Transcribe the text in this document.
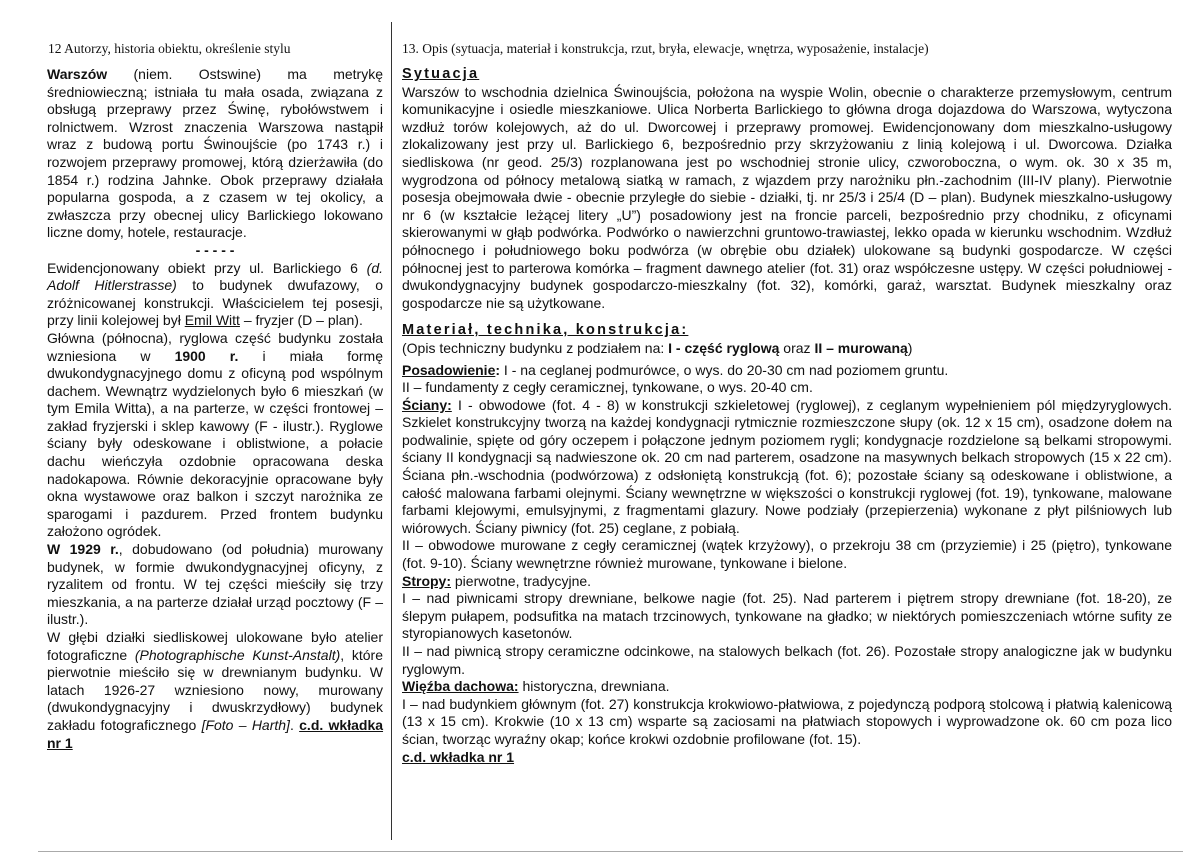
12 Autorzy, historia obiektu, określenie stylu	13. Opis (sytuacja, materiał i konstrukcja, rzut, bryła, elewacje, wnętrza, wyposażenie, instalacje)

Warszów (niem. Ostswine) ma metrykę średniowieczną; istniała tu mała osada, związana z obsługą przeprawy przez Świnę, rybołówstwem i rolnictwem. Wzrost znaczenia Warszowa nastąpił wraz z budową portu Świnoujście (po 1743 r.) i rozwojem przeprawy promowej, którą dzierżawiła (do 1854 r.) rodzina Jahnke. Obok przeprawy działała popularna gospoda, a z czasem w tej okolicy, a zwłaszcza przy obecnej ulicy Barlickiego lokowano liczne domy, hotele, restauracje.

- - - - -

Ewidencjonowany obiekt przy ul. Barlickiego 6 (d. Adolf Hitlerstrasse) to budynek dwufazowy, o zróżnicowanej konstrukcji. Właścicielem tej posesji, przy linii kolejowej był Emil Witt – fryzjer (D – plan).

Główna (północna), ryglowa część budynku została wzniesiona w 1900 r. i miała formę dwukondygnacyjnego domu z oficyną pod wspólnym dachem. Wewnątrz wydzielonych było 6 mieszkań (w tym Emila Witta), a na parterze, w części frontowej – zakład fryzjerski i sklep kawowy (F - ilustr.). Ryglowe ściany były odeskowane i oblistwione, a połacie dachu wieńczyła ozdobnie opracowana deska nadokapowa. Równie dekoracyjnie opracowane były okna wystawowe oraz balkon i szczyt narożnika ze sparogami i pazdurem. Przed frontem budynku założono ogródek.

W 1929 r., dobudowano (od południa) murowany budynek, w formie dwukondygnacyjnej oficyny, z ryzalitem od frontu. W tej części mieściły się trzy mieszkania, a na parterze działał urząd pocztowy (F – ilustr.).

W głębi działki siedliskowej ulokowane było atelier fotograficzne (Photographische Kunst-Anstalt), które pierwotnie mieściło się w drewnianym budynku. W latach 1926-27 wzniesiono nowy, murowany (dwukondygnacyjny i dwuskrzydłowy) budynek zakładu fotograficznego [Foto – Harth]. c.d. wkładka nr 1

Sytuacja

Warszów to wschodnia dzielnica Świnoujścia, położona na wyspie Wolin, obecnie o charakterze przemysłowym, centrum komunikacyjne i osiedle mieszkaniowe. Ulica Norberta Barlickiego to główna droga dojazdowa do Warszowa, wytyczona wzdłuż torów kolejowych, aż do ul. Dworcowej i przeprawy promowej. Ewidencjonowany dom mieszkalno-usługowy zlokalizowany jest przy ul. Barlickiego 6, bezpośrednio przy skrzyżowaniu z linią kolejową i ul. Dworcowa. Działka siedliskowa (nr geod. 25/3) rozplanowana jest po wschodniej stronie ulicy, czworoboczna, o wym. ok. 30 x 35 m, wygrodzona od północy metalową siatką w ramach, z wjazdem przy narożniku płn.-zachodnim (III-IV plany). Pierwotnie posesja obejmowała dwie - obecnie przyległe do siebie - działki, tj. nr 25/3 i 25/4 (D – plan). Budynek mieszkalno-usługowy nr 6 (w kształcie leżącej litery „U”) posadowiony jest na froncie parceli, bezpośrednio przy chodniku, z oficynami skierowanymi w głąb podwórka. Podwórko o nawierzchni gruntowo-trawiastej, lekko opada w kierunku wschodnim. Wzdłuż północnego i południowego boku podwórza (w obrębie obu działek) ulokowane są budynki gospodarcze. W części północnej jest to parterowa komórka – fragment dawnego atelier (fot. 31) oraz współczesne ustępy. W części południowej - dwukondygnacyjny budynek gospodarczo-mieszkalny (fot. 32), komórki, garaż, warsztat. Budynek mieszkalny oraz gospodarcze nie są użytkowane.

Materiał, technika, konstrukcja:

(Opis techniczny budynku z podziałem na: I - część ryglową oraz II – murowaną)

Posadowienie: I - na ceglanej podmurówce, o wys. do 20-30 cm nad poziomem gruntu.

II – fundamenty z cegły ceramicznej, tynkowane, o wys. 20-40 cm.

Ściany: I - obwodowe (fot. 4 - 8) w konstrukcji szkieletowej (ryglowej), z ceglanym wypełnieniem pól międzyryglowych. Szkielet konstrukcyjny tworzą na każdej kondygnacji rytmicznie rozmieszczone słupy (ok. 12 x 15 cm), osadzone dołem na podwalinie, spięte od góry oczepem i połączone jednym poziomem rygli; kondygnacje rozdzielone są belkami stropowymi. ściany II kondygnacji są nadwieszone ok. 20 cm nad parterem, osadzone na masywnych belkach stropowych (15 x 22 cm). Ściana płn.-wschodnia (podwórzowa) z odsłoniętą konstrukcją (fot. 6); pozostałe ściany są odeskowane i oblistwione, a całość malowana farbami olejnymi. Ściany wewnętrzne w większości o konstrukcji ryglowej (fot. 19), tynkowane, malowane farbami klejowymi, emulsyjnymi, z fragmentami glazury. Nowe podziały (przepierzenia) wykonane z płyt pilśniowych lub wiórowych. Ściany piwnicy (fot. 25) ceglane, z pobiałą.

II – obwodowe murowane z cegły ceramicznej (wątek krzyżowy), o przekroju 38 cm (przyziemie) i 25 (piętro), tynkowane (fot. 9-10). Ściany wewnętrzne również murowane, tynkowane i bielone.

Stropy: pierwotne, tradycyjne.

I – nad piwnicami stropy drewniane, belkowe nagie (fot. 25). Nad parterem i piętrem stropy drewniane (fot. 18-20), ze ślepym pułapem, podsufitka na matach trzcinowych, tynkowane na gładko; w niektórych pomieszczeniach wtórne sufity ze styropianowych kasetonów.

II – nad piwnicą stropy ceramiczne odcinkowe, na stalowych belkach (fot. 26). Pozostałe stropy analogiczne jak w budynku ryglowym.

Więźba dachowa: historyczna, drewniana.

I – nad budynkiem głównym (fot. 27) konstrukcja krokwiowo-płatwiowa, z pojedynczą podporą stolcową i płatwią kalenicową (13 x 15 cm). Krokwie (10 x 13 cm) wsparte są zaciosami na płatwiach stopowych i wyprowadzone ok. 60 cm poza lico ścian, tworząc wyraźny okap; końce krokwi ozdobnie profilowane (fot. 15).

c.d. wkładka nr 1
